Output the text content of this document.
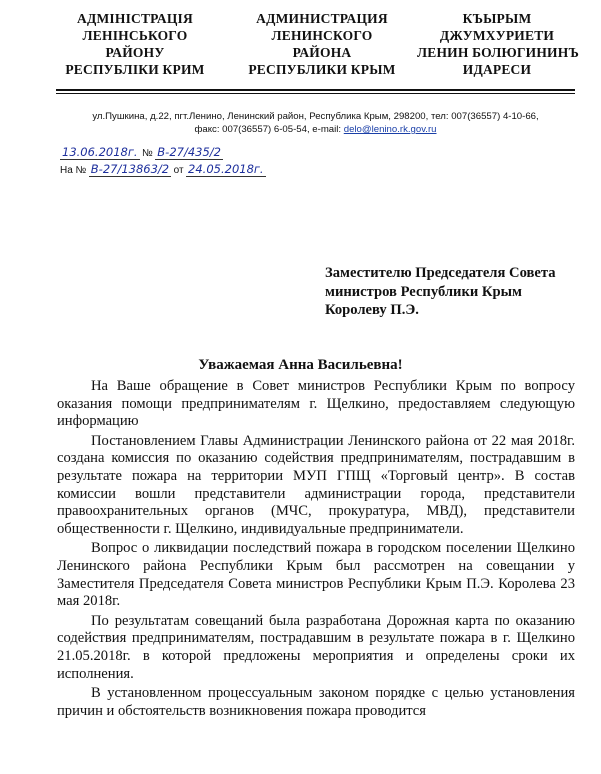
АДМІНІСТРАЦІЯ
ЛЕНІНСЬКОГО
РАЙОНУ
РЕСПУБЛІКИ КРИМ
АДМИНИСТРАЦИЯ
ЛЕНИНСКОГО
РАЙОНА
РЕСПУБЛИКИ КРЫМ
КЪЫРЫМ
ДЖУМХУРИЕТИ
ЛЕНИН БОЛЮГИНИНЪ
ИДАРЕСИ
ул.Пушкина, д.22, пгт.Ленино, Ленинский район, Республика Крым, 298200, тел: 007(36557) 4-10-66,
факс: 007(36557) 6-05-54, e-mail: delo@lenino.rk.gov.ru
13.06.2018г. № В-27/435/2
На № В-27/13863/2 от 24.05.2018г.
Заместителю Председателя Совета
министров Республики Крым
Королеву П.Э.
Уважаемая Анна Васильевна!

На Ваше обращение в Совет министров Республики Крым по вопросу оказания помощи предпринимателям г. Щелкино, предоставляем следующую информацию

Постановлением Главы Администрации Ленинского района от 22 мая 2018г. создана комиссия по оказанию содействия предпринимателям, пострадавшим в результате пожара на территории МУП ГПЩ «Торговый центр». В состав комиссии вошли представители администрации города, представители правоохранительных органов (МЧС, прокуратура, МВД), представители общественности г. Щелкино, индивидуальные предприниматели.

Вопрос о ликвидации последствий пожара в городском поселении Щелкино Ленинского района Республики Крым был рассмотрен на совещании у Заместителя Председателя Совета министров Республики Крым П.Э. Королева 23 мая 2018г.

По результатам совещаний была разработана Дорожная карта по оказанию содействия предпринимателям, пострадавшим в результате пожара в г. Щелкино 21.05.2018г. в которой предложены мероприятия и определены сроки их исполнения.

В установленном процессуальным законом порядке с целью установления причин и обстоятельств возникновения пожара проводится
